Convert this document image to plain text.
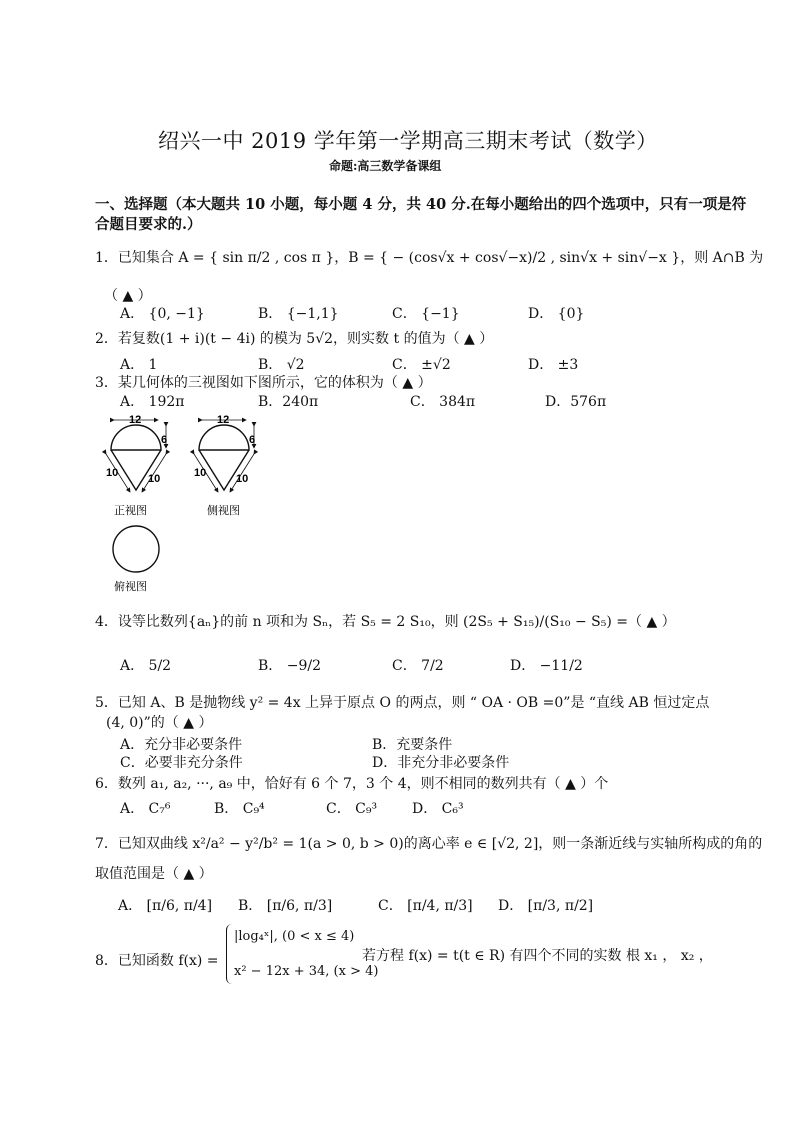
绍兴一中 2019 学年第一学期高三期末考试（数学）
命题:高三数学备课组
一、选择题（本大题共 10 小题，每小题 4 分，共 40 分.在每小题给出的四个选项中，只有一项是符
合题目要求的.）
1．已知集合 A = { sin π/2 , cos π }，B = { − (cos√x + cos√−x)/2 , sin√x + sin√−x }，则 A∩B 为
（ ▲ ）
A． {0, −1}	B． {−1,1}	C． {−1}	D． {0}
2．若复数(1 + i)(t − 4i) 的模为 5√2，则实数 t 的值为（ ▲ ）
A． 1	B． √2	C． ±√2	D． ±3
3．某几何体的三视图如下图所示，它的体积为（ ▲ ）
A． 192π	B．240π	C． 384π	D．576π
12
6
10	10
正视图
12
6
10	10
侧视图
俯视图
4．设等比数列{aₙ}的前 n 项和为 Sₙ，若 S₅ = 2 S₁₀，则 (2S₅ + S₁₅)/(S₁₀ − S₅) =（ ▲ ）
A． 5/2	B． −9/2	C． 7/2	D． −11/2
5．已知 A、B 是抛物线 y² = 4x 上异于原点 O 的两点，则 “ OA · OB =0”是 “直线 AB 恒过定点
(4, 0)”的（ ▲ ）
A．充分非必要条件	B．充要条件
C．必要非充分条件	D．非充分非必要条件
6．数列 a₁, a₂, ···, a₉ 中，恰好有 6 个 7，3 个 4，则不相同的数列共有（ ▲ ）个
A． C₇⁶	B． C₉⁴	C． C₉³ D． C₆³
7．已知双曲线 x²/a² − y²/b² = 1(a > 0, b > 0)的离心率 e ∈ [√2, 2]，则一条渐近线与实轴所构成的角的
取值范围是（ ▲ ）
A． [π/6, π/4] B． [π/6, π/3]	C． [π/4, π/3] D． [π/3, π/2]
8．已知函数 f(x) =
|log₄ˣ|, (0 < x ≤ 4)
x² − 12x + 34, (x > 4)
若方程 f(x) = t(t ∈ R) 有四个不同的实数 根 x₁ ， x₂ ，
